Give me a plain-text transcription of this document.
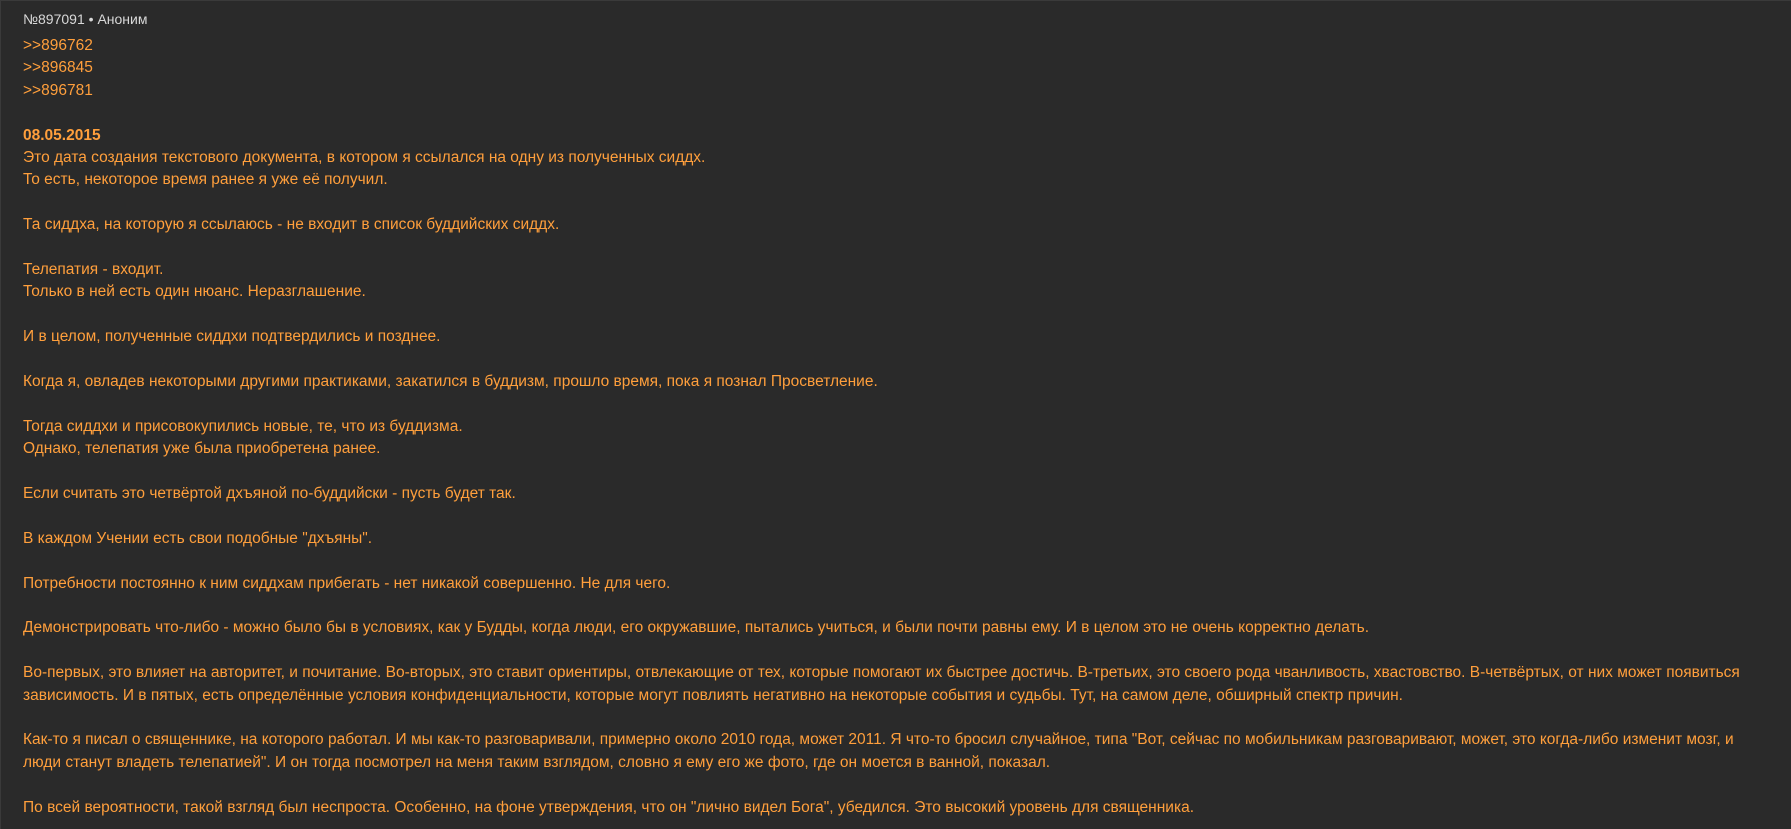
№897091 • Аноним
>>896762
>>896845
>>896781
08.05.2015
Это дата создания текстового документа, в котором я ссылался на одну из полученных сиддх.
То есть, некоторое время ранее я уже её получил.
Та сиддха, на которую я ссылаюсь - не входит в список буддийских сиддх.
Телепатия - входит.
Только в ней есть один нюанс. Неразглашение.
И в целом, полученные сиддхи подтвердились и позднее.
Когда я, овладев некоторыми другими практиками, закатился в буддизм, прошло время, пока я познал Просветление.
Тогда сиддхи и присовокупились новые, те, что из буддизма.
Однако, телепатия уже была приобретена ранее.
Если считать это четвёртой дхъяной по-буддийски - пусть будет так.
В каждом Учении есть свои подобные "дхъяны".
Потребности постоянно к ним сиддхам прибегать - нет никакой совершенно. Не для чего.
Демонстрировать что-либо - можно было бы в условиях, как у Будды, когда люди, его окружавшие, пытались учиться, и были почти равны ему. И в целом это не очень корректно делать.
Во-первых, это влияет на авторитет, и почитание. Во-вторых, это ставит ориентиры, отвлекающие от тех, которые помогают их быстрее достичь. В-третьих, это своего рода чванливость, хвастовство. В-четвёртых, от них может появиться
зависимость. И в пятых, есть определённые условия конфиденциальности, которые могут повлиять негативно на некоторые события и судьбы. Тут, на самом деле, обширный спектр причин.
Как-то я писал о священнике, на которого работал. И мы как-то разговаривали, примерно около 2010 года, может 2011. Я что-то бросил случайное, типа "Вот, сейчас по мобильникам разговаривают, может, это когда-либо изменит мозг, и
люди станут владеть телепатией". И он тогда посмотрел на меня таким взглядом, словно я ему его же фото, где он моется в ванной, показал.
По всей вероятности, такой взгляд был неспроста. Особенно, на фоне утверждения, что он "лично видел Бога", убедился. Это высокий уровень для священника.
